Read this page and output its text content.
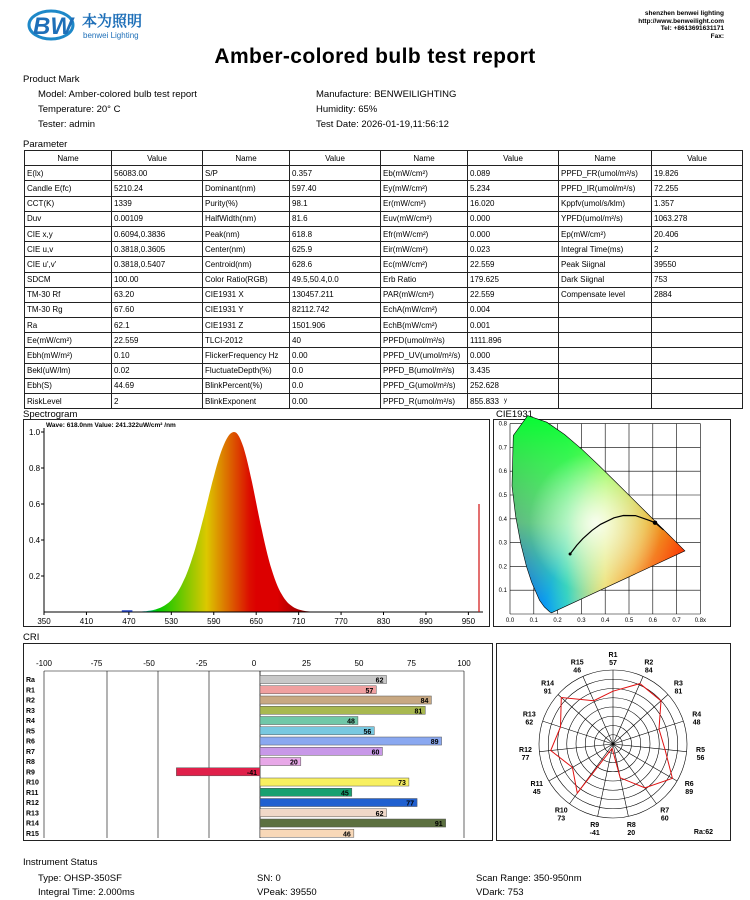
BW 本为照明
benwei Lighting
shenzhen benwei lighting
http://www.benweilight.com
Tel: +8613691631171
Fax:
Amber-colored bulb test report
Product Mark
Model: Amber-colored bulb test report	Manufacture: BENWEILIGHTING
Temperature: 20° C	Humidity: 65%
Tester: admin	Test Date: 2026-01-19,11:56:12
Parameter
Name	Value	Name	Value	Name	Value	Name	Value
E(lx)	56083.00	S/P	0.357	Eb(mW/cm²)	0.089	PPFD_FR(umol/m²/s)	19.826
Candle E(fc)	5210.24	Dominant(nm)	597.40	Ey(mW/cm²)	5.234	PPFD_IR(umol/m²/s)	72.255
CCT(K)	1339	Purity(%)	98.1	Er(mW/cm²)	16.020	Kppfv(umol/s/klm)	1.357
Duv	0.00109	HalfWidth(nm)	81.6	Euv(mW/cm²)	0.000	YPFD(umol/m²/s)	1063.278
CIE x,y	0.6094,0.3836	Peak(nm)	618.8	Efr(mW/cm²)	0.000	Ep(mW/cm²)	20.406
CIE u,v	0.3818,0.3605	Center(nm)	625.9	Eir(mW/cm²)	0.023	Integral Time(ms)	2
CIE u',v'	0.3818,0.5407	Centroid(nm)	628.6	Ec(mW/cm²)	22.559	Peak Siignal	39550
SDCM	100.00	Color Ratio(RGB)	49.5,50.4,0.0	Erb Ratio	179.625	Dark Siignal	753
TM-30 Rf	63.20	CIE1931 X	130457.211	PAR(mW/cm²)	22.559	Compensate level	2884
TM-30 Rg	67.60	CIE1931 Y	82112.742	EchA(mW/cm²)	0.004		
Ra	62.1	CIE1931 Z	1501.906	EchB(mW/cm²)	0.001		
Ee(mW/cm²)	22.559	TLCI-2012	40	PPFD(umol/m²/s)	1111.896		
Ebh(mW/m²)	0.10	FlickerFrequency Hz	0.00	PPFD_UV(umol/m²/s)	0.000		
Bekl(uW/lm)	0.02	FluctuateDepth(%)	0.0	PPFD_B(umol/m²/s)	3.435		
Ebh(S)	44.69	BlinkPercent(%)	0.0	PPFD_G(umol/m²/s)	252.628		
RiskLevel	2	BlinkExponent	0.00	PPFD_R(umol/m²/s)	855.833		
Spectrogram
350	410	470	530	590	650	710	770	830	890	950
1.0
0.8
0.6
0.4
0.2
Wave: 618.0nm Value: 241.322uW/cm² /nm
CIE1931
0.0	0.1	0.2	0.3	0.4	0.5	0.6	0.7 0.8x
y
0.8
0.7
0.6
0.5
0.4
0.3
0.2
0.1
CRI
-100	-75	-50	-25	0	25	50	75	100
Ra	62
R1	57
R2	84
R3	81
R4	48
R5	56
R6	89
R7	60
R8	20
R9	-41
R10	73
R11	45
R12	77
R13	62
R14	91
R15	46
R1
57	R2
84
R3
81
R4
48
R5
56
R6
89
R7
60
R8
20
R9
-41
R10
73
R11
45
R12
77
R13
62
R14
91
R15
46
Ra:62
Instrument Status
Type: OHSP-350SF	SN: 0	Scan Range: 350-950nm
Integral Time: 2.000ms	VPeak: 39550	VDark: 753
